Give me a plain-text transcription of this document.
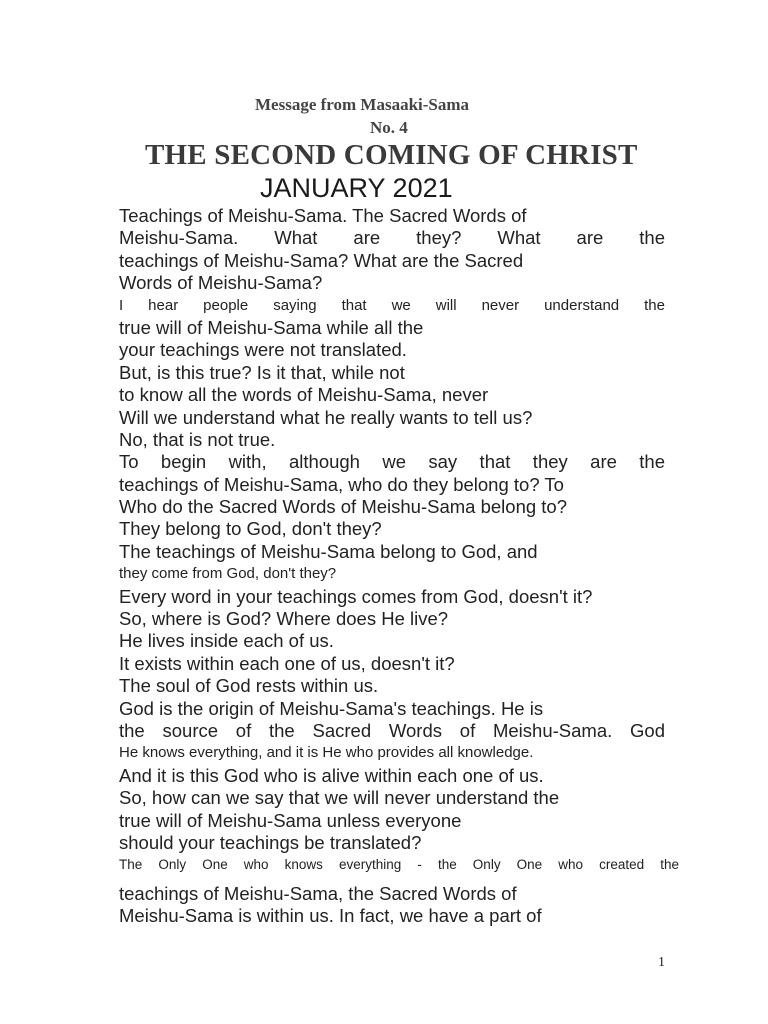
Message from Masaaki-Sama
No. 4
THE SECOND COMING OF CHRIST
JANUARY 2021
Teachings of Meishu-Sama. The Sacred Words of
Meishu-Sama. What are they? What are the
teachings of Meishu-Sama? What are the Sacred
Words of Meishu-Sama?
I hear people saying that we will never understand the
true will of Meishu-Sama while all the
your teachings were not translated.
But, is this true? Is it that, while not
to know all the words of Meishu-Sama, never
Will we understand what he really wants to tell us?
No, that is not true.
To begin with, although we say that they are the
teachings of Meishu-Sama, who do they belong to? To
Who do the Sacred Words of Meishu-Sama belong to?
They belong to God, don't they?
The teachings of Meishu-Sama belong to God, and
they come from God, don't they?
Every word in your teachings comes from God, doesn't it?
So, where is God? Where does He live?
He lives inside each of us.
It exists within each one of us, doesn't it?
The soul of God rests within us.
God is the origin of Meishu-Sama's teachings. He is
the source of the Sacred Words of Meishu-Sama. God
He knows everything, and it is He who provides all knowledge.
And it is this God who is alive within each one of us.
So, how can we say that we will never understand the
true will of Meishu-Sama unless everyone
should your teachings be translated?
The Only One who knows everything - the Only One who created the
teachings of Meishu-Sama, the Sacred Words of
Meishu-Sama is within us. In fact, we have a part of
1
